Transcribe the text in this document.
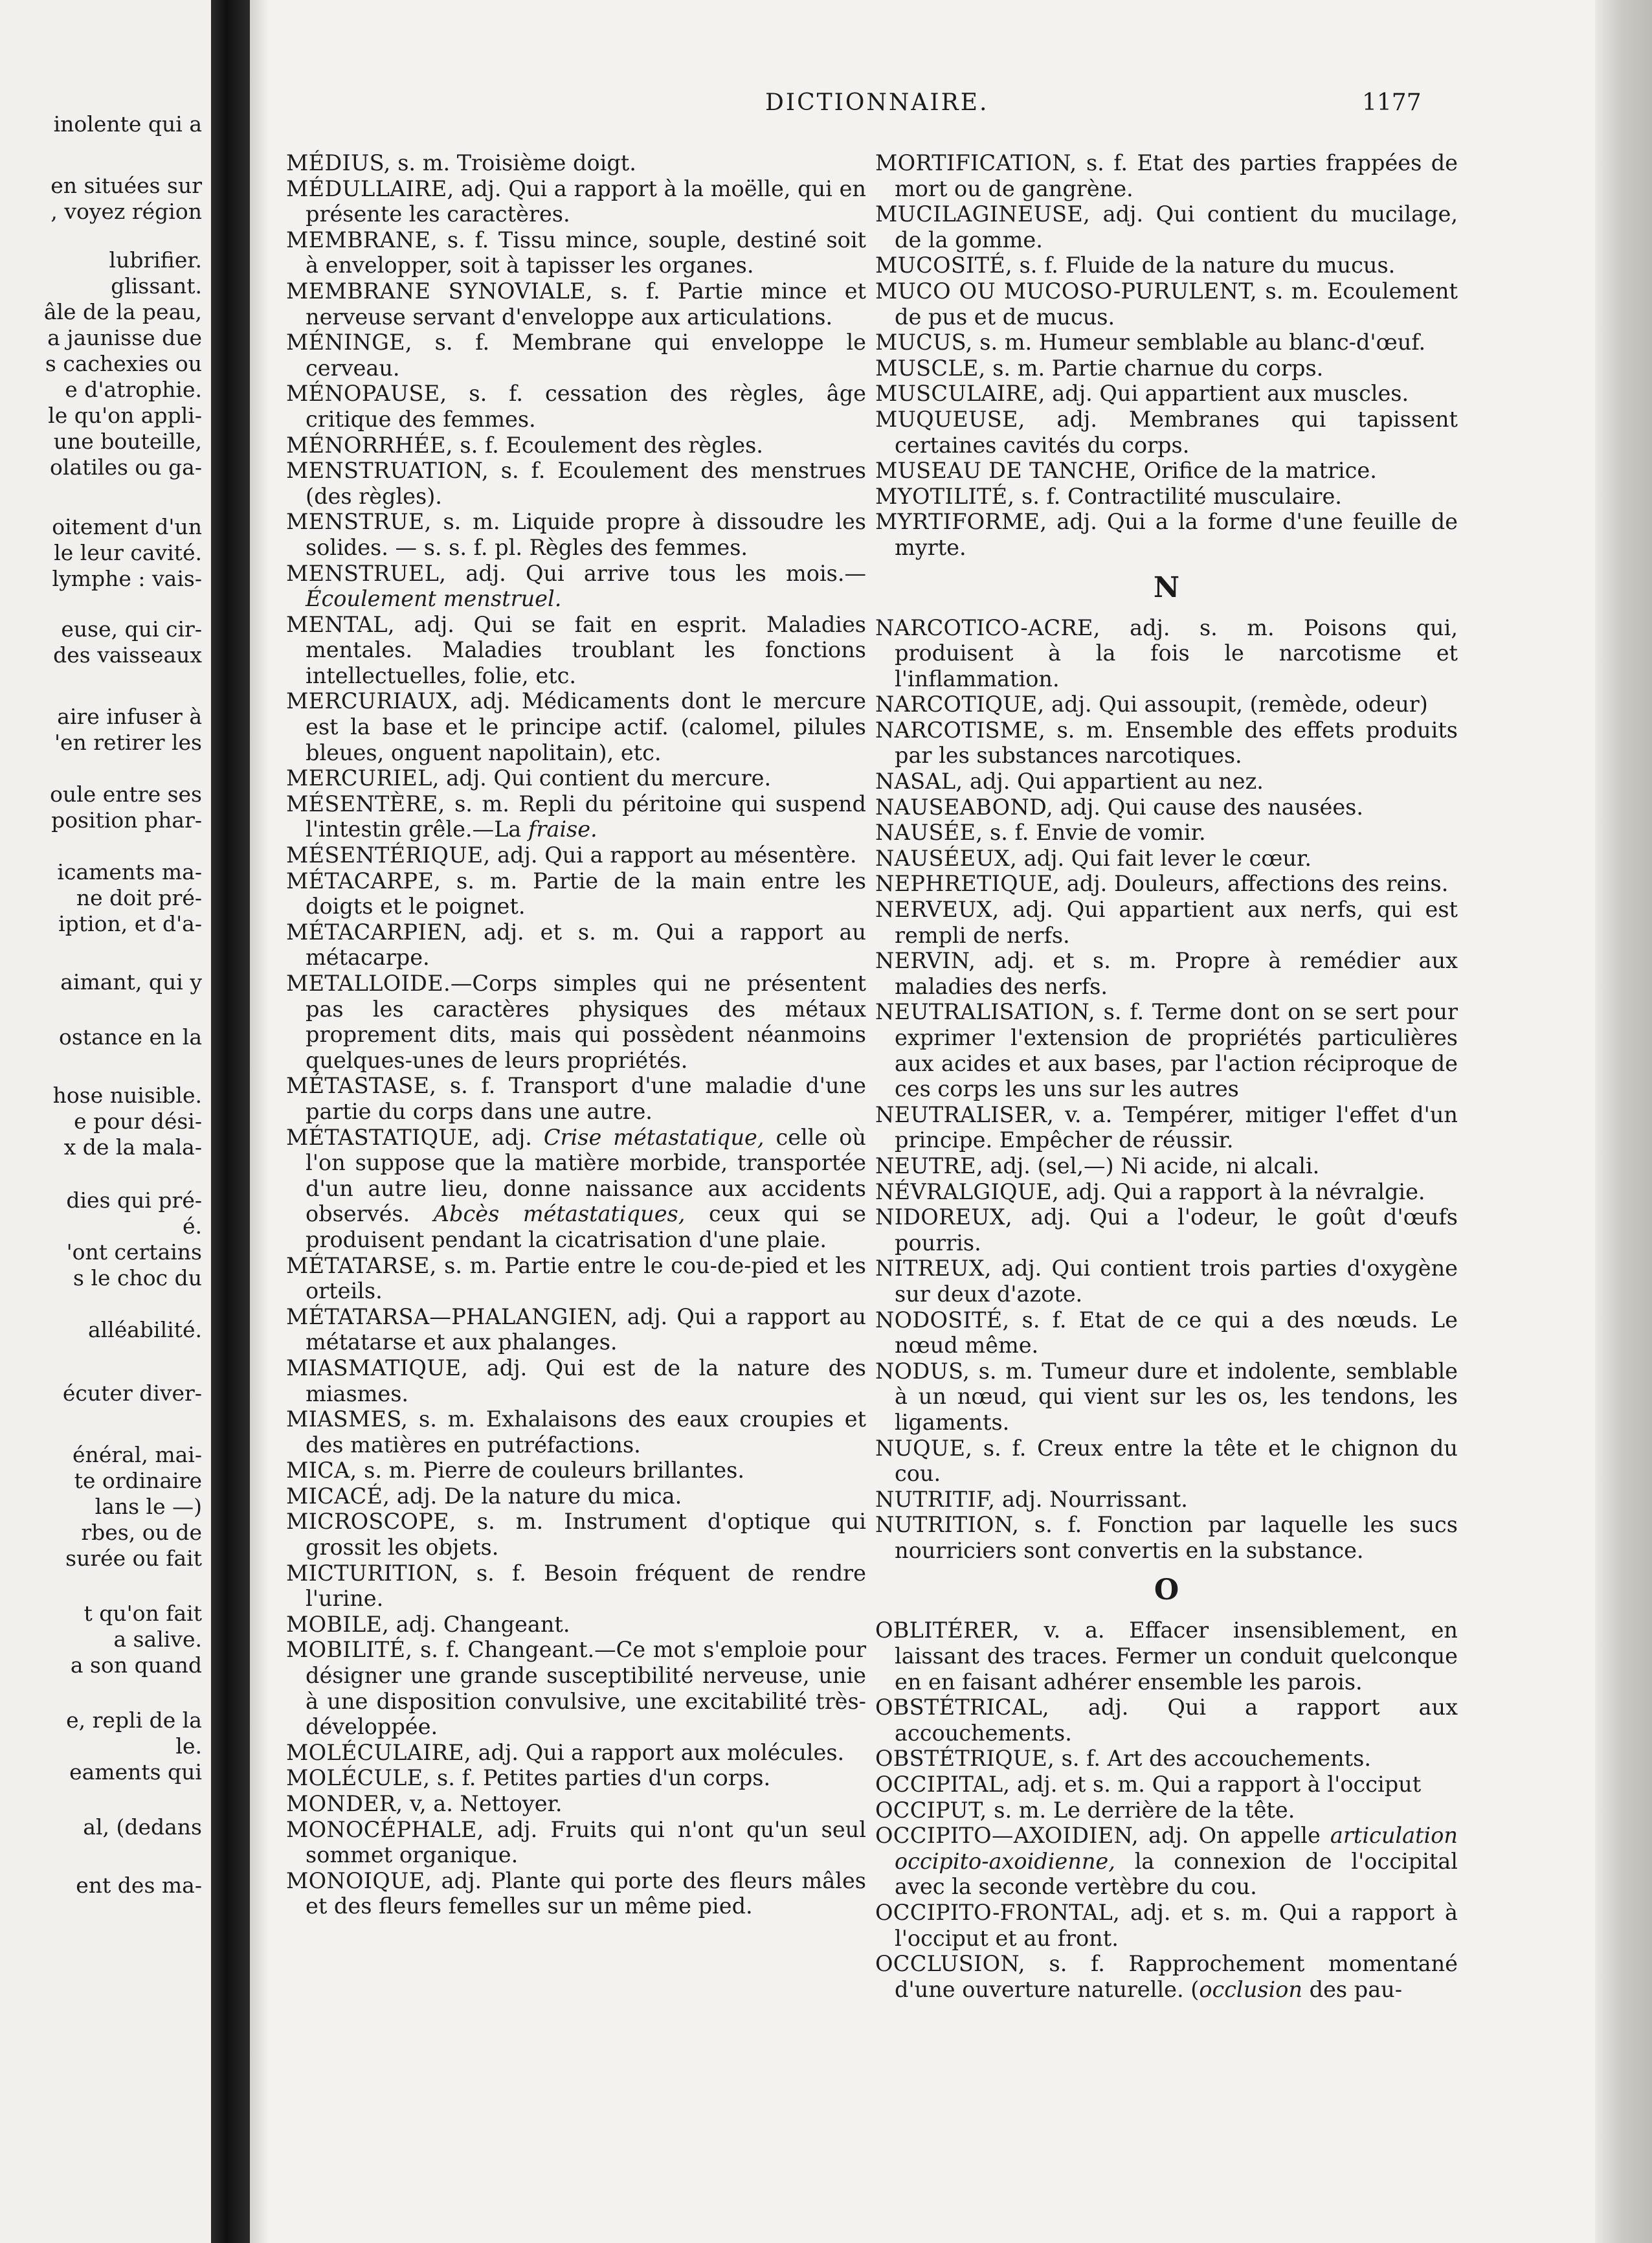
inolente qui a
en situées sur
, voyez région
lubrifier.
glissant.
âle de la peau,
a jaunisse due
s cachexies ou
e d'atrophie.
le qu'on appli-
une bouteille,
olatiles ou ga-
oitement d'un
le leur cavité.
lymphe : vais-
euse, qui cir-
des vaisseaux
aire infuser à
'en retirer les
oule entre ses
position phar-
icaments ma-
ne doit pré-
iption, et d'a-
aimant, qui y
ostance en la
hose nuisible.
e pour dési-
x de la mala-
dies qui pré-
é.
'ont certains
s le choc du
alléabilité.
écuter diver-
énéral, mai-
te ordinaire
lans le —)
rbes, ou de
surée ou fait
t qu'on fait
a salive.
a son quand
e, repli de la
le.
eaments qui
al, (dedans
ent des ma-
DICTIONNAIRE.	1177

MÉDIUS, s. m. Troisième doigt.

MÉDULLAIRE, adj. Qui a rapport à la moëlle, qui en présente les caractères.

MEMBRANE, s. f. Tissu mince, souple, destiné soit à envelopper, soit à tapisser les organes.

MEMBRANE SYNOVIALE, s. f. Partie mince et nerveuse servant d'enveloppe aux articulations.

MÉNINGE, s. f. Membrane qui enveloppe le cerveau.

MÉNOPAUSE, s. f. cessation des règles, âge critique des femmes.

MÉNORRHÉE, s. f. Ecoulement des règles.

MENSTRUATION, s. f. Ecoulement des menstrues (des règles).

MENSTRUE, s. m. Liquide propre à dissoudre les solides. — s. s. f. pl. Règles des femmes.

MENSTRUEL, adj. Qui arrive tous les mois.—Écoulement menstruel.

MENTAL, adj. Qui se fait en esprit. Maladies mentales. Maladies troublant les fonctions intellectuelles, folie, etc.

MERCURIAUX, adj. Médicaments dont le mercure est la base et le principe actif. (calomel, pilules bleues, onguent napolitain), etc.

MERCURIEL, adj. Qui contient du mercure.

MÉSENTÈRE, s. m. Repli du péritoine qui suspend l'intestin grêle.—La fraise.

MÉSENTÉRIQUE, adj. Qui a rapport au mésentère.

MÉTACARPE, s. m. Partie de la main entre les doigts et le poignet.

MÉTACARPIEN, adj. et s. m. Qui a rapport au métacarpe.

METALLOIDE.—Corps simples qui ne présentent pas les caractères physiques des métaux proprement dits, mais qui possèdent néanmoins quelques-unes de leurs propriétés.

MÉTASTASE, s. f. Transport d'une maladie d'une partie du corps dans une autre.

MÉTASTATIQUE, adj. Crise métastatique, celle où l'on suppose que la matière morbide, transportée d'un autre lieu, donne naissance aux accidents observés. Abcès métastatiques, ceux qui se produisent pendant la cicatrisation d'une plaie.

MÉTATARSE, s. m. Partie entre le cou-de-pied et les orteils.

MÉTATARSA—PHALANGIEN, adj. Qui a rapport au métatarse et aux phalanges.

MIASMATIQUE, adj. Qui est de la nature des miasmes.

MIASMES, s. m. Exhalaisons des eaux croupies et des matières en putréfactions.

MICA, s. m. Pierre de couleurs brillantes.

MICACÉ, adj. De la nature du mica.

MICROSCOPE, s. m. Instrument d'optique qui grossit les objets.

MICTURITION, s. f. Besoin fréquent de rendre l'urine.

MOBILE, adj. Changeant.

MOBILITÉ, s. f. Changeant.—Ce mot s'emploie pour désigner une grande susceptibilité nerveuse, unie à une disposition convulsive, une excitabilité très-développée.

MOLÉCULAIRE, adj. Qui a rapport aux molécules.

MOLÉCULE, s. f. Petites parties d'un corps.

MONDER, v, a. Nettoyer.

MONOCÉPHALE, adj. Fruits qui n'ont qu'un seul sommet organique.

MONOIQUE, adj. Plante qui porte des fleurs mâles et des fleurs femelles sur un même pied.

MORTIFICATION, s. f. Etat des parties frappées de mort ou de gangrène.

MUCILAGINEUSE, adj. Qui contient du mucilage, de la gomme.

MUCOSITÉ, s. f. Fluide de la nature du mucus.

MUCO OU MUCOSO-PURULENT, s. m. Ecoulement de pus et de mucus.

MUCUS, s. m. Humeur semblable au blanc-d'œuf.

MUSCLE, s. m. Partie charnue du corps.

MUSCULAIRE, adj. Qui appartient aux muscles.

MUQUEUSE, adj. Membranes qui tapissent certaines cavités du corps.

MUSEAU DE TANCHE, Orifice de la matrice.

MYOTILITÉ, s. f. Contractilité musculaire.

MYRTIFORME, adj. Qui a la forme d'une feuille de myrte.

N

NARCOTICO-ACRE, adj. s. m. Poisons qui, produisent à la fois le narcotisme et l'inflammation.

NARCOTIQUE, adj. Qui assoupit, (remède, odeur)

NARCOTISME, s. m. Ensemble des effets produits par les substances narcotiques.

NASAL, adj. Qui appartient au nez.

NAUSEABOND, adj. Qui cause des nausées.

NAUSÉE, s. f. Envie de vomir.

NAUSÉEUX, adj. Qui fait lever le cœur.

NEPHRETIQUE, adj. Douleurs, affections des reins.

NERVEUX, adj. Qui appartient aux nerfs, qui est rempli de nerfs.

NERVIN, adj. et s. m. Propre à remédier aux maladies des nerfs.

NEUTRALISATION, s. f. Terme dont on se sert pour exprimer l'extension de propriétés particulières aux acides et aux bases, par l'action réciproque de ces corps les uns sur les autres

NEUTRALISER, v. a. Tempérer, mitiger l'effet d'un principe. Empêcher de réussir.

NEUTRE, adj. (sel,—) Ni acide, ni alcali.

NÉVRALGIQUE, adj. Qui a rapport à la névralgie.

NIDOREUX, adj. Qui a l'odeur, le goût d'œufs pourris.

NITREUX, adj. Qui contient trois parties d'oxygène sur deux d'azote.

NODOSITÉ, s. f. Etat de ce qui a des nœuds. Le nœud même.

NODUS, s. m. Tumeur dure et indolente, semblable à un nœud, qui vient sur les os, les tendons, les ligaments.

NUQUE, s. f. Creux entre la tête et le chignon du cou.

NUTRITIF, adj. Nourrissant.

NUTRITION, s. f. Fonction par laquelle les sucs nourriciers sont convertis en la substance.

O

OBLITÉRER, v. a. Effacer insensiblement, en laissant des traces. Fermer un conduit quelconque en en faisant adhérer ensemble les parois.

OBSTÉTRICAL, adj. Qui a rapport aux accouchements.

OBSTÉTRIQUE, s. f. Art des accouchements.

OCCIPITAL, adj. et s. m. Qui a rapport à l'occiput

OCCIPUT, s. m. Le derrière de la tête.

OCCIPITO—AXOIDIEN, adj. On appelle articulation occipito-axoidienne, la connexion de l'occipital avec la seconde vertèbre du cou.

OCCIPITO-FRONTAL, adj. et s. m. Qui a rapport à l'occiput et au front.

OCCLUSION, s. f. Rapprochement momentané d'une ouverture naturelle. (occlusion des pau-
